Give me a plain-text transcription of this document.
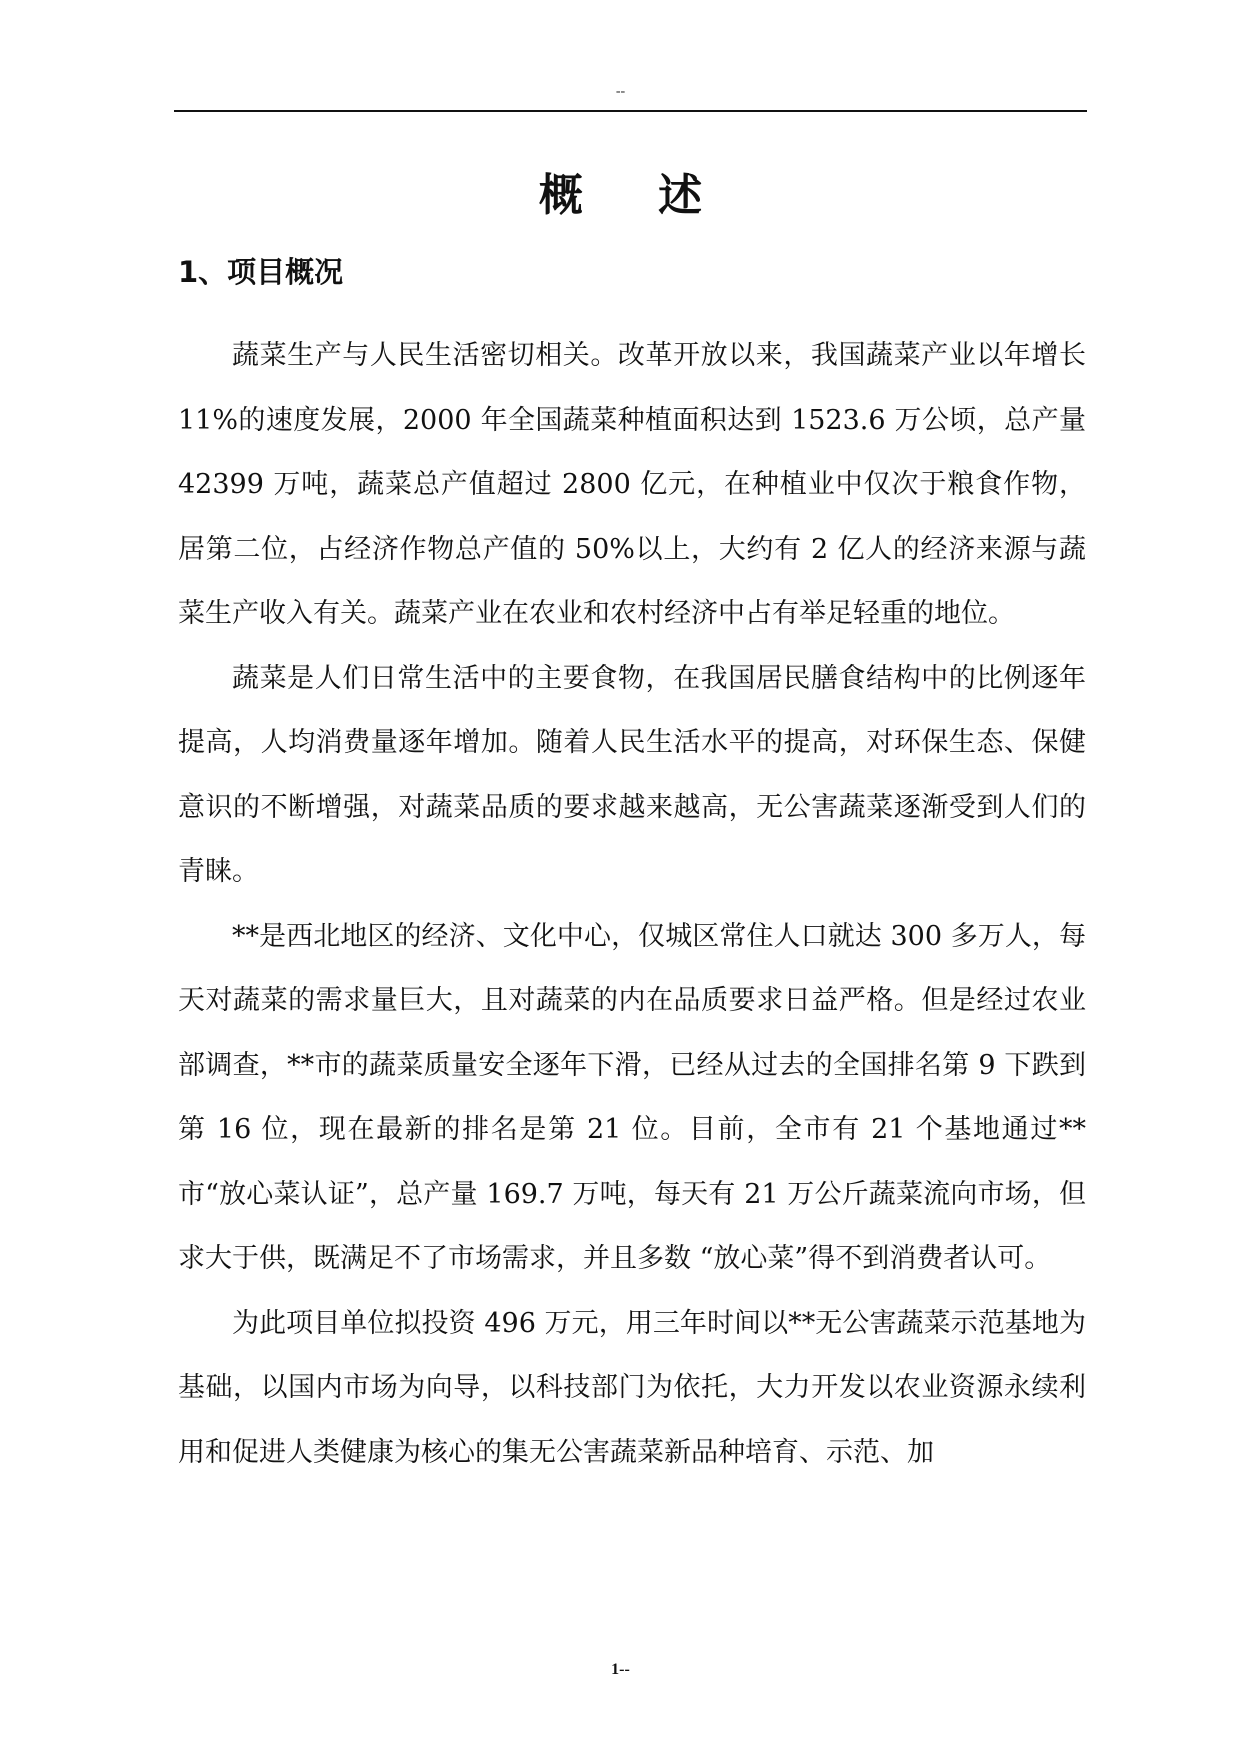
--
概 述
1、项目概况

蔬菜生产与人民生活密切相关。改革开放以来，我国蔬菜产业以年增长 11%的速度发展，2000 年全国蔬菜种植面积达到 1523.6 万公顷，总产量 42399 万吨，蔬菜总产值超过 2800 亿元，在种植业中仅次于粮食作物，居第二位，占经济作物总产值的 50%以上，大约有 2 亿人的经济来源与蔬菜生产收入有关。蔬菜产业在农业和农村经济中占有举足轻重的地位。

蔬菜是人们日常生活中的主要食物，在我国居民膳食结构中的比例逐年提高，人均消费量逐年增加。随着人民生活水平的提高，对环保生态、保健意识的不断增强，对蔬菜品质的要求越来越高，无公害蔬菜逐渐受到人们的青睐。

**是西北地区的经济、文化中心，仅城区常住人口就达 300 多万人，每天对蔬菜的需求量巨大，且对蔬菜的内在品质要求日益严格。但是经过农业部调查，**市的蔬菜质量安全逐年下滑，已经从过去的全国排名第 9 下跌到第 16 位，现在最新的排名是第 21 位。目前，全市有 21 个基地通过**市“放心菜认证”，总产量 169.7 万吨，每天有 21 万公斤蔬菜流向市场，但求大于供，既满足不了市场需求，并且多数 “放心菜”得不到消费者认可。

为此项目单位拟投资 496 万元，用三年时间以**无公害蔬菜示范基地为基础，以国内市场为向导，以科技部门为依托，大力开发以农业资源永续利用和促进人类健康为核心的集无公害蔬菜新品种培育、示范、加

1--
